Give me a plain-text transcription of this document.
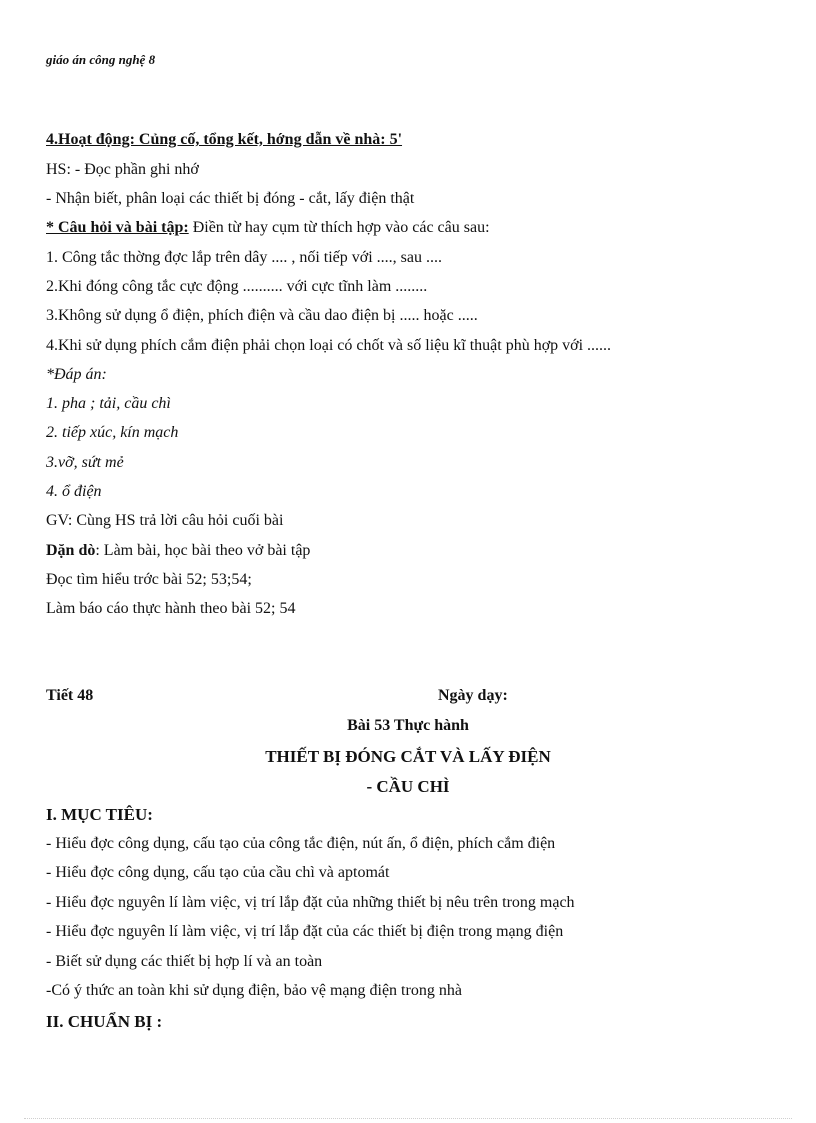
giáo án công nghệ 8
4.Hoạt động: Củng cố, tổng kết, hớng dẫn về nhà: 5'
HS: - Đọc phần ghi nhớ
- Nhận biết, phân loại các thiết bị đóng - cắt, lấy điện thật
* Câu hỏi và bài tập: Điền từ hay cụm từ thích hợp vào các câu sau:
1. Công tắc thờng đợc lắp trên dây .... , nối tiếp với ...., sau ....
2.Khi đóng công tắc cực động .......... với cực tĩnh làm ........
3.Không sử dụng ổ điện, phích điện và cầu dao điện bị ..... hoặc .....
4.Khi sử dụng phích cắm điện phải chọn loại có chốt và số liệu kĩ thuật phù hợp với ......
*Đáp án:
1. pha ; tải, cầu chì
2. tiếp xúc, kín mạch
3.vỡ, sứt mẻ
4. ổ điện
GV: Cùng HS trả lời câu hỏi cuối bài
Dặn dò: Làm bài, học bài theo vở bài tập
Đọc tìm hiểu trớc bài 52; 53;54;
Làm báo cáo thực hành theo bài 52; 54
Tiết 48	Ngày dạy:
Bài 53 Thực hành
THIẾT BỊ ĐÓNG CẮT VÀ LẤY ĐIỆN
- CẦU CHÌ
I. MỤC TIÊU:
- Hiểu đợc công dụng, cấu tạo của công tắc điện, nút ấn, ổ điện, phích cắm điện
- Hiểu đợc công dụng, cấu tạo của cầu chì và aptomát
- Hiểu đợc nguyên lí làm việc, vị trí lắp đặt của những thiết bị nêu trên trong mạch
- Hiểu đợc nguyên lí làm việc, vị trí lắp đặt của các thiết bị điện trong mạng điện
- Biết sử dụng các thiết bị hợp lí và an toàn
-Có ý thức an toàn khi sử dụng điện, bảo vệ mạng điện trong nhà
II. CHUẨN BỊ :
